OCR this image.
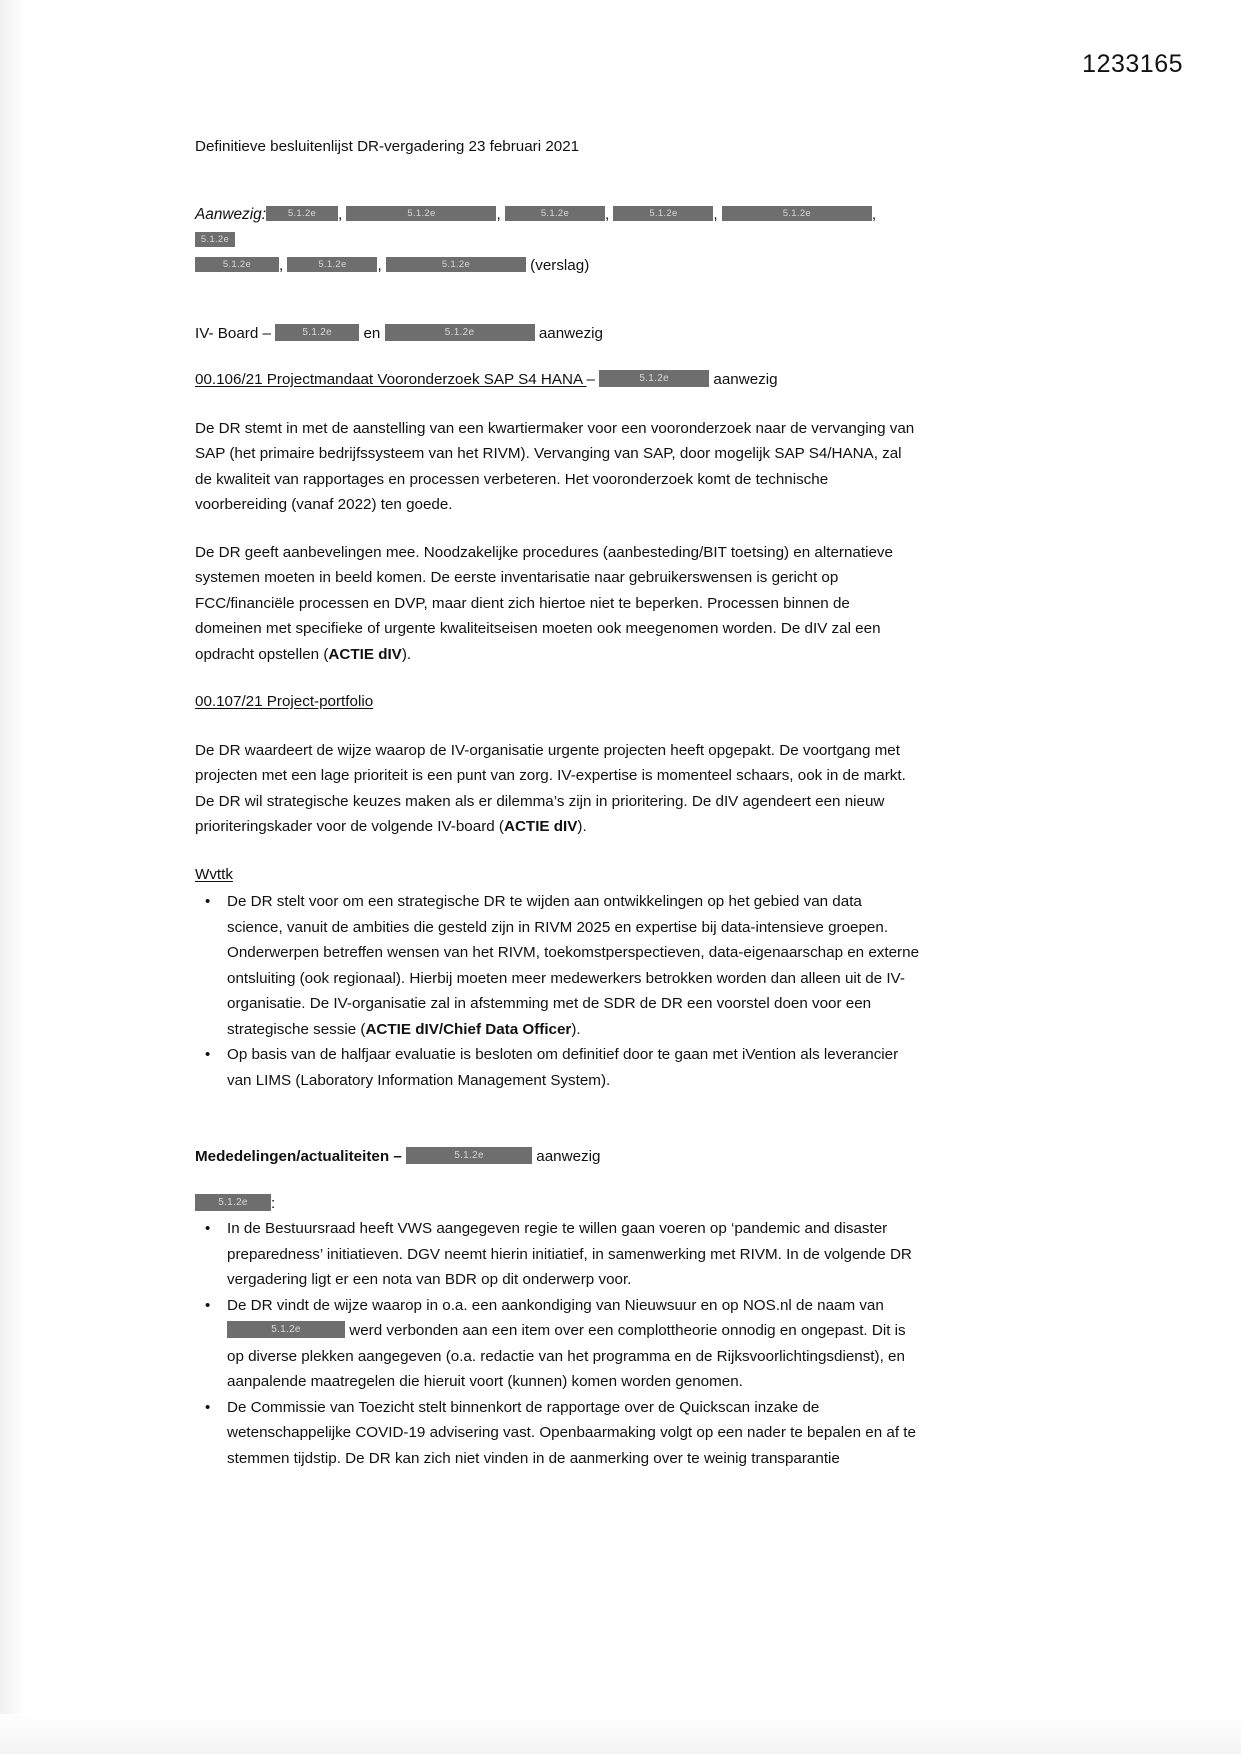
1233165
Definitieve besluitenlijst DR-vergadering 23 februari 2021
Aanwezig: 5.1.2e ,	5.1.2e	,	5.1.2e ,	5.1.2e ,	5.1.2e	, 5.1.2e
5.1.2e ,	5.1.2e ,	5.1.2e	(verslag)
IV- Board –	5.1.2e en	5.1.2e	aanwezig
00.106/21 Projectmandaat Vooronderzoek SAP S4 HANA –	5.1.2e	aanwezig

De DR stemt in met de aanstelling van een kwartiermaker voor een vooronderzoek naar de vervanging van SAP (het primaire bedrijfssysteem van het RIVM). Vervanging van SAP, door mogelijk SAP S4/HANA, zal de kwaliteit van rapportages en processen verbeteren. Het vooronderzoek komt de technische voorbereiding (vanaf 2022) ten goede.

De DR geeft aanbevelingen mee. Noodzakelijke procedures (aanbesteding/BIT toetsing) en alternatieve systemen moeten in beeld komen. De eerste inventarisatie naar gebruikerswensen is gericht op FCC/financiële processen en DVP, maar dient zich hiertoe niet te beperken. Processen binnen de domeinen met specifieke of urgente kwaliteitseisen moeten ook meegenomen worden. De dIV zal een opdracht opstellen (ACTIE dIV).

00.107/21 Project-portfolio

De DR waardeert de wijze waarop de IV-organisatie urgente projecten heeft opgepakt. De voortgang met projecten met een lage prioriteit is een punt van zorg. IV-expertise is momenteel schaars, ook in de markt. De DR wil strategische keuzes maken als er dilemma’s zijn in prioritering. De dIV agendeert een nieuw prioriteringskader voor de volgende IV-board (ACTIE dIV).

Wvttk
• De DR stelt voor om een strategische DR te wijden aan ontwikkelingen op het gebied van data science, vanuit de ambities die gesteld zijn in RIVM 2025 en expertise bij data-intensieve groepen. Onderwerpen betreffen wensen van het RIVM, toekomstperspectieven, data-eigenaarschap en externe ontsluiting (ook regionaal). Hierbij moeten meer medewerkers betrokken worden dan alleen uit de IV-organisatie. De IV-organisatie zal in afstemming met de SDR de DR een voorstel doen voor een strategische sessie (ACTIE dIV/Chief Data Officer).
• Op basis van de halfjaar evaluatie is besloten om definitief door te gaan met iVention als leverancier van LIMS (Laboratory Information Management System).
Mededelingen/actualiteiten –	5.1.2e	aanwezig
5.1.2e :
• In de Bestuursraad heeft VWS aangegeven regie te willen gaan voeren op ‘pandemic and disaster preparedness’ initiatieven. DGV neemt hierin initiatief, in samenwerking met RIVM. In de volgende DR vergadering ligt er een nota van BDR op dit onderwerp voor.
• De DR vindt de wijze waarop in o.a. een aankondiging van Nieuwsuur en op NOS.nl de naam van 5.1.2e	werd verbonden aan een item over een complottheorie onnodig en ongepast. Dit is op diverse plekken aangegeven (o.a. redactie van het programma en de Rijksvoorlichtingsdienst), en aanpalende maatregelen die hieruit voort (kunnen) komen worden genomen.
• De Commissie van Toezicht stelt binnenkort de rapportage over de Quickscan inzake de wetenschappelijke COVID-19 advisering vast. Openbaarmaking volgt op een nader te bepalen en af te stemmen tijdstip. De DR kan zich niet vinden in de aanmerking over te weinig transparantie
